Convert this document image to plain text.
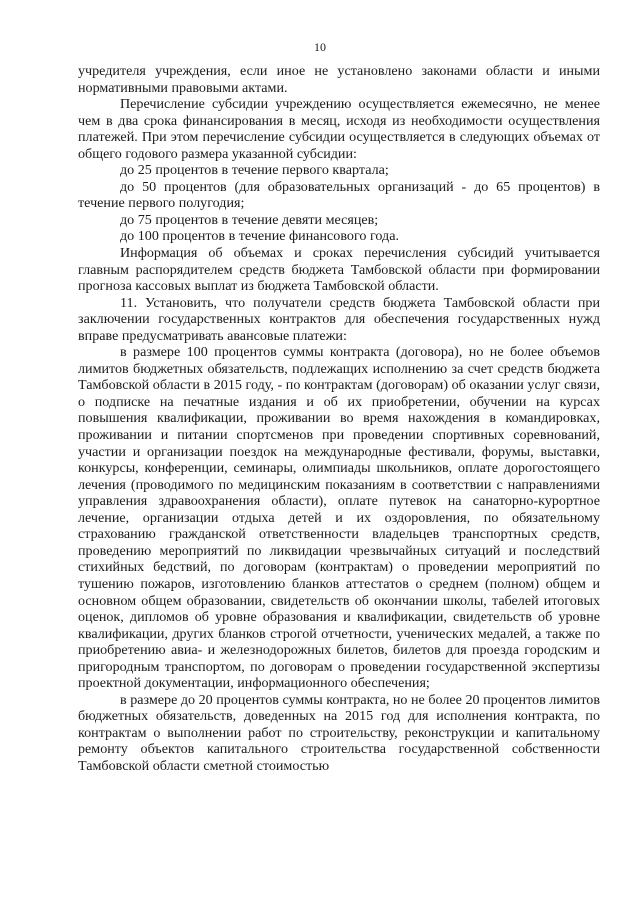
10

учредителя учреждения, если иное не установлено законами области и иными нормативными правовыми актами.

Перечисление субсидии учреждению осуществляется ежемесячно, не менее чем в два срока финансирования в месяц, исходя из необходимости осуществления платежей. При этом перечисление субсидии осуществляется в следующих объемах от общего годового размера указанной субсидии:

до 25 процентов в течение первого квартала;

до 50 процентов (для образовательных организаций - до 65 процентов) в течение первого полугодия;

до 75 процентов в течение девяти месяцев;

до 100 процентов в течение финансового года.

Информация об объемах и сроках перечисления субсидий учитывается главным распорядителем средств бюджета Тамбовской области при формировании прогноза кассовых выплат из бюджета Тамбовской области.

11. Установить, что получатели средств бюджета Тамбовской области при заключении государственных контрактов для обеспечения государственных нужд вправе предусматривать авансовые платежи:

в размере 100 процентов суммы контракта (договора), но не более объемов лимитов бюджетных обязательств, подлежащих исполнению за счет средств бюджета Тамбовской области в 2015 году, - по контрактам (договорам) об оказании услуг связи, о подписке на печатные издания и об их приобретении, обучении на курсах повышения квалификации, проживании во время нахождения в командировках, проживании и питании спортсменов при проведении спортивных соревнований, участии и организации поездок на международные фестивали, форумы, выставки, конкурсы, конференции, семинары, олимпиады школьников, оплате дорогостоящего лечения (проводимого по медицинским показаниям в соответствии с направлениями управления здравоохранения области), оплате путевок на санаторно-курортное лечение, организации отдыха детей и их оздоровления, по обязательному страхованию гражданской ответственности владельцев транспортных средств, проведению мероприятий по ликвидации чрезвычайных ситуаций и последствий стихийных бедствий, по договорам (контрактам) о проведении мероприятий по тушению пожаров, изготовлению бланков аттестатов о среднем (полном) общем и основном общем образовании, свидетельств об окончании школы, табелей итоговых оценок, дипломов об уровне образования и квалификации, свидетельств об уровне квалификации, других бланков строгой отчетности, ученических медалей, а также по приобретению авиа- и железнодорожных билетов, билетов для проезда городским и пригородным транспортом, по договорам о проведении государственной экспертизы проектной документации, информационного обеспечения;

в размере до 20 процентов суммы контракта, но не более 20 процентов лимитов бюджетных обязательств, доведенных на 2015 год для исполнения контракта, по контрактам о выполнении работ по строительству, реконструкции и капитальному ремонту объектов капитального строительства государственной собственности Тамбовской области сметной стоимостью
